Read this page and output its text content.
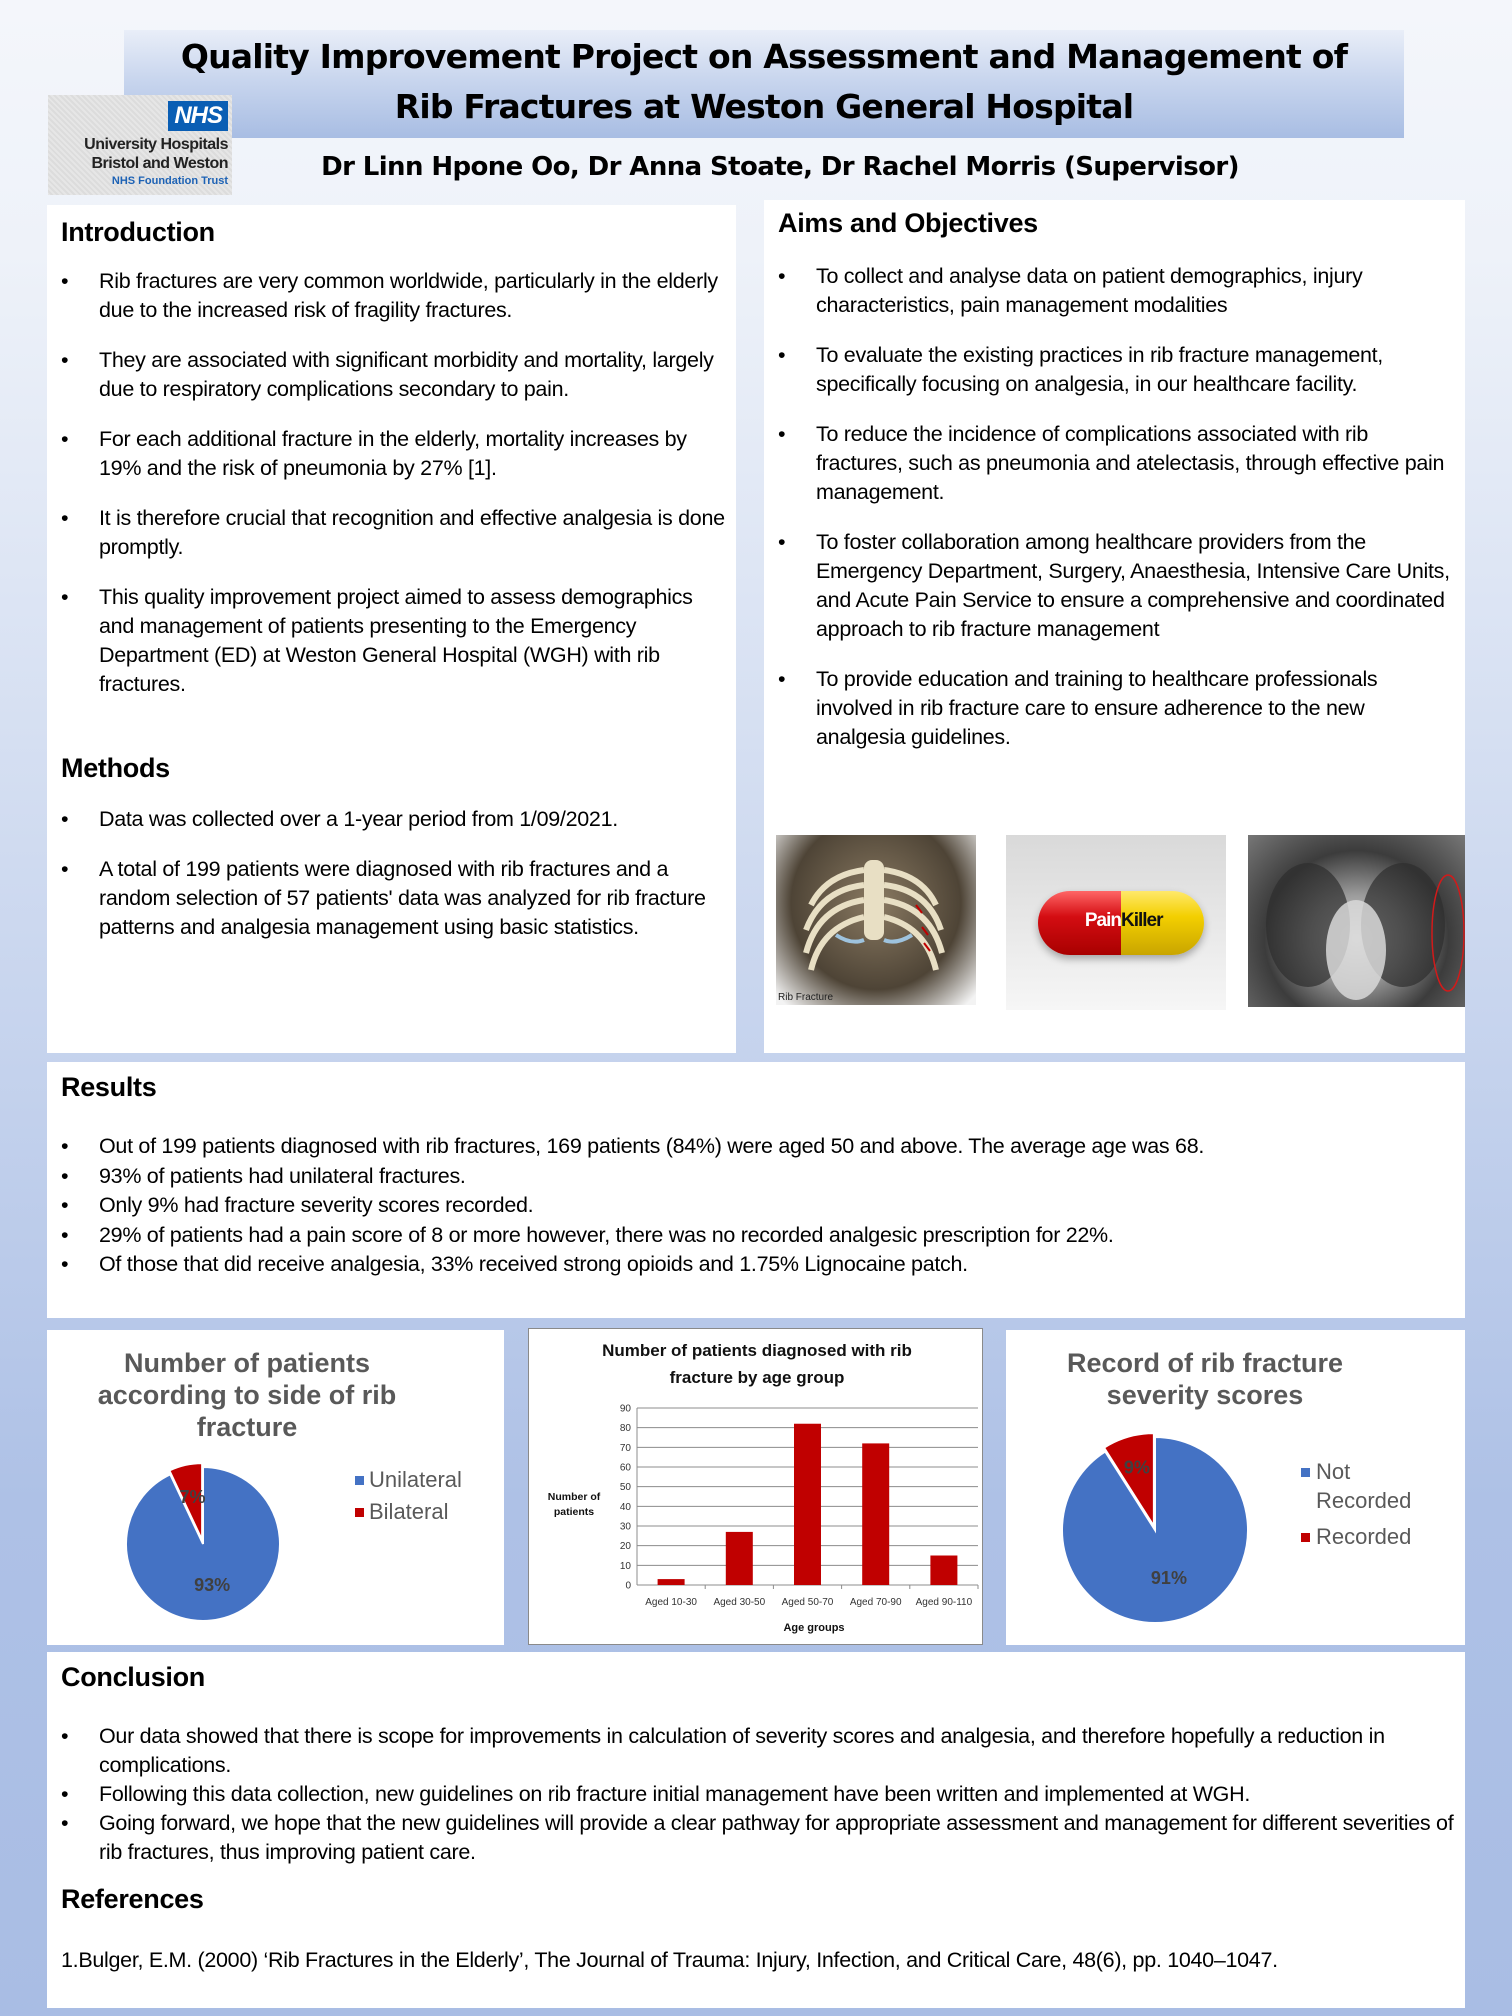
Quality Improvement Project on Assessment and Management of
Rib Fractures at Weston General Hospital
Dr Linn Hpone Oo, Dr Anna Stoate, Dr Rachel Morris (Supervisor)
NHS
University Hospitals
Bristol and Weston
NHS Foundation Trust
Introduction
• Rib fractures are very common worldwide, particularly in the elderly due to the increased risk of fragility fractures.
• They are associated with significant morbidity and mortality, largely due to respiratory complications secondary to pain.
• For each additional fracture in the elderly, mortality increases by 19% and the risk of pneumonia by 27% [1].
• It is therefore crucial that recognition and effective analgesia is done promptly.
• This quality improvement project aimed to assess demographics and management of patients presenting to the Emergency Department (ED) at Weston General Hospital (WGH) with rib fractures.
Methods
• Data was collected over a 1-year period from 1/09/2021.
• A total of 199 patients were diagnosed with rib fractures and a random selection of 57 patients' data was analyzed for rib fracture patterns and analgesia management using basic statistics.
Aims and Objectives
• To collect and analyse data on patient demographics, injury characteristics, pain management modalities
• To evaluate the existing practices in rib fracture management, specifically focusing on analgesia, in our healthcare facility.
• To reduce the incidence of complications associated with rib fractures, such as pneumonia and atelectasis, through effective pain management.
• To foster collaboration among healthcare providers from the Emergency Department, Surgery, Anaesthesia, Intensive Care Units, and Acute Pain Service to ensure a comprehensive and coordinated approach to rib fracture management
• To provide education and training to healthcare professionals involved in rib fracture care to ensure adherence to the new analgesia guidelines.
Rib Fracture
Pain Killer
Results
• Out of 199 patients diagnosed with rib fractures, 169 patients (84%) were aged 50 and above. The average age was 68.
• 93% of patients had unilateral fractures.
• Only 9% had fracture severity scores recorded.
• 29% of patients had a pain score of 8 or more however, there was no recorded analgesic prescription for 22%.
• Of those that did receive analgesia, 33% received strong opioids and 1.75% Lignocaine patch.
Number of patients
according to side of rib
fracture
93%
7%
Unilateral
Bilateral
Number of patients diagnosed with rib
fracture by age group
Number of
patients
0
10
20
30
40
50
60
70
80
90
Aged 10-30 Aged 30-50 Aged 50-70 Aged 70-90 Aged 90-110
Age groups
Record of rib fracture
severity scores
91%
9%	Not
Recorded
Recorded
Conclusion
• Our data showed that there is scope for improvements in calculation of severity scores and analgesia, and therefore hopefully a reduction in complications.
• Following this data collection, new guidelines on rib fracture initial management have been written and implemented at WGH.
• Going forward, we hope that the new guidelines will provide a clear pathway for appropriate assessment and management for different severities of rib fractures, thus improving patient care.
References
1.Bulger, E.M. (2000) ‘Rib Fractures in the Elderly’, The Journal of Trauma: Injury, Infection, and Critical Care, 48(6), pp. 1040–1047.
